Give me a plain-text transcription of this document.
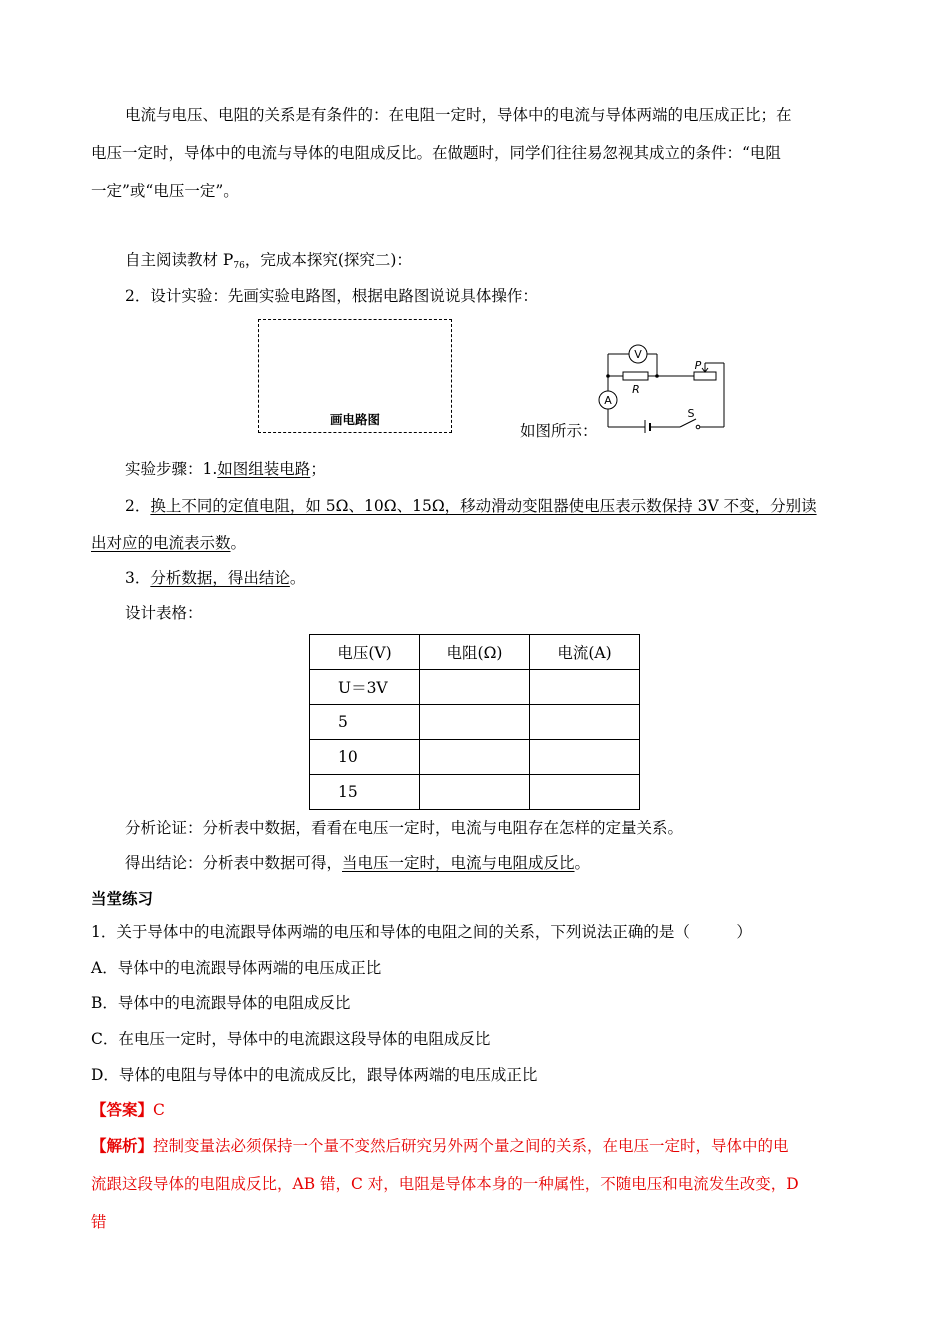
电流与电压、电阻的关系是有条件的：在电阻一定时，导体中的电流与导体两端的电压成正比；在
电压一定时，导体中的电流与导体的电阻成反比。在做题时，同学们往往易忽视其成立的条件：“电阻
一定”或“电压一定”。
自主阅读教材 $P_{76}$，完成本探究(探究二)：
2．设计实验：先画实验电路图，根据电路图说说具体操作：
画电路图
如图所示：
V
A
R
P
S
实验步骤：1.如图组装电路；
2．换上不同的定值电阻，如 5Ω、10Ω、15Ω，移动滑动变阻器使电压表示数保持 3V 不变，分别读
出对应的电流表示数。
3．分析数据，得出结论。
设计表格：
电压(V)	电阻(Ω)	电流(A)
U＝3V		
5		
10		
15		
分析论证：分析表中数据，看看在电压一定时，电流与电阻存在怎样的定量关系。
得出结论：分析表中数据可得，当电压一定时，电流与电阻成反比。
当堂练习
1．关于导体中的电流跟导体两端的电压和导体的电阻之间的关系，下列说法正确的是（　　　）
A．导体中的电流跟导体两端的电压成正比
B．导体中的电流跟导体的电阻成反比
C．在电压一定时，导体中的电流跟这段导体的电阻成反比
D．导体的电阻与导体中的电流成反比，跟导体两端的电压成正比
【答案】C
【解析】控制变量法必须保持一个量不变然后研究另外两个量之间的关系，在电压一定时，导体中的电
流跟这段导体的电阻成反比，AB 错，C 对，电阻是导体本身的一种属性，不随电压和电流发生改变，D
错
